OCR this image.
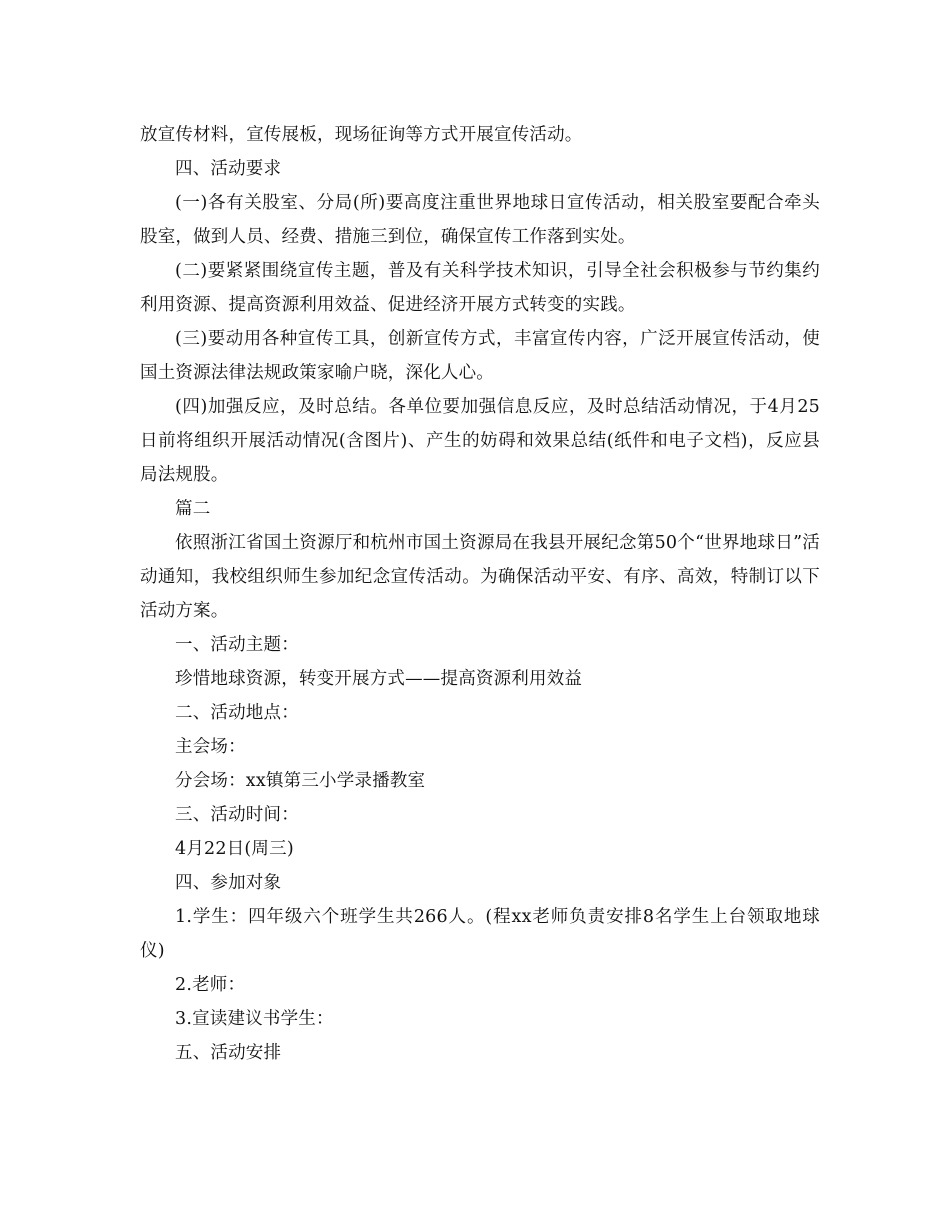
放宣传材料，宣传展板，现场征询等方式开展宣传活动。

四、活动要求

(一)各有关股室、分局(所)要高度注重世界地球日宣传活动，相关股室要配合牵头股室，做到人员、经费、措施三到位，确保宣传工作落到实处。

(二)要紧紧围绕宣传主题，普及有关科学技术知识，引导全社会积极参与节约集约利用资源、提高资源利用效益、促进经济开展方式转变的实践。

(三)要动用各种宣传工具，创新宣传方式，丰富宣传内容，广泛开展宣传活动，使国土资源法律法规政策家喻户晓，深化人心。

(四)加强反应，及时总结。各单位要加强信息反应，及时总结活动情况，于4月25日前将组织开展活动情况(含图片)、产生的妨碍和效果总结(纸件和电子文档)，反应县局法规股。

篇二

依照浙江省国土资源厅和杭州市国土资源局在我县开展纪念第50个“世界地球日”活动通知，我校组织师生参加纪念宣传活动。为确保活动平安、有序、高效，特制订以下活动方案。

一、活动主题：

珍惜地球资源，转变开展方式——提高资源利用效益

二、活动地点：

主会场：

分会场：xx镇第三小学录播教室

三、活动时间：

4月22日(周三)

四、参加对象

1.学生：四年级六个班学生共266人。(程xx老师负责安排8名学生上台领取地球仪)

2.老师：

3.宣读建议书学生：

五、活动安排
